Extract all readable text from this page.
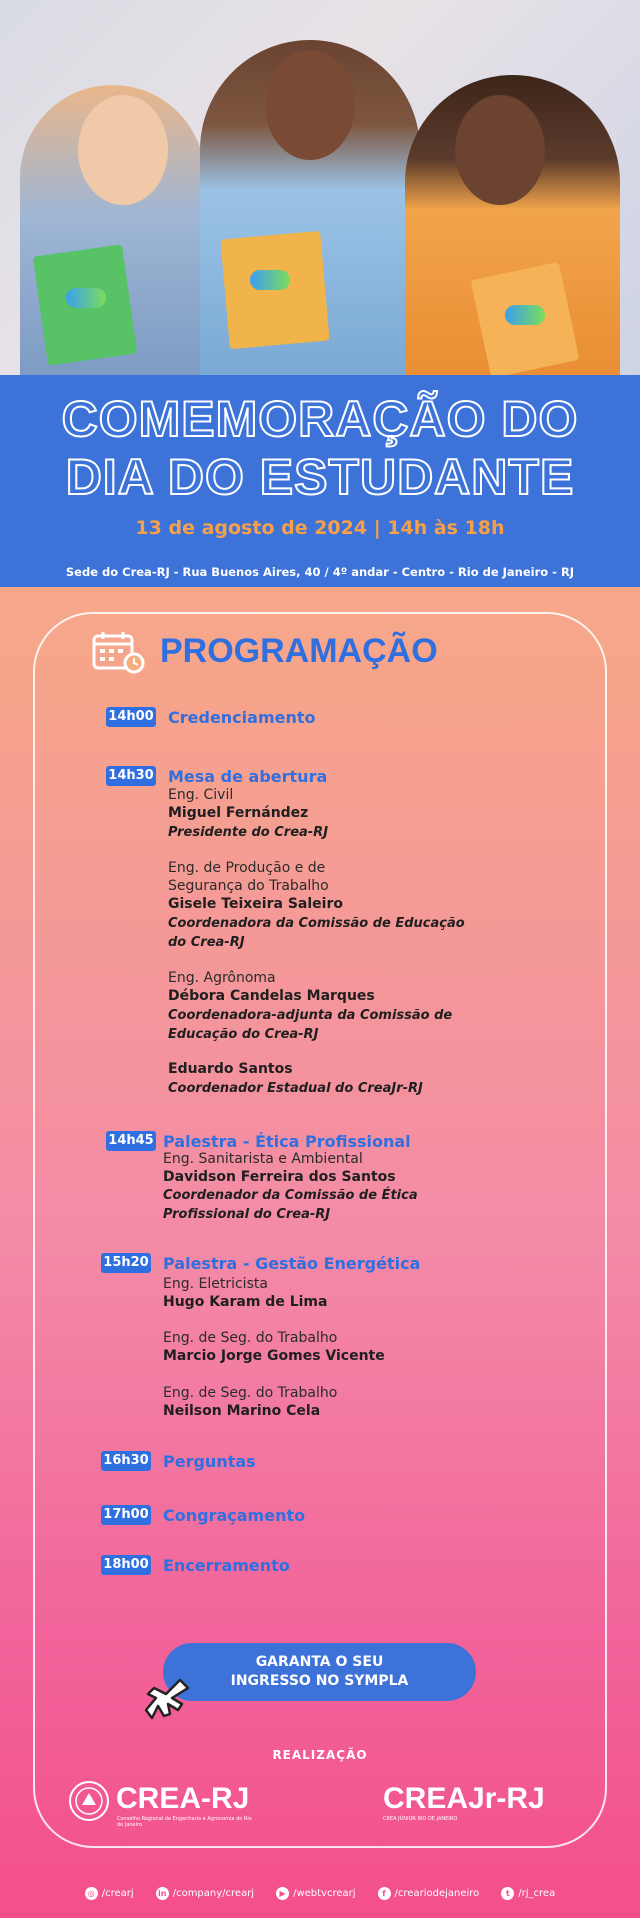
COMEMORAÇÃO DO
DIA DO ESTUDANTE
13 de agosto de 2024 | 14h às 18h
Sede do Crea-RJ - Rua Buenos Aires, 40 / 4º andar - Centro - Rio de Janeiro - RJ
PROGRAMAÇÃO
14h00 Credenciamento
14h30 Mesa de abertura
Eng. Civil
Miguel Fernández
Presidente do Crea-RJ
Eng. de Produção e de
Segurança do Trabalho
Gisele Teixeira Saleiro
Coordenadora da Comissão de Educação
do Crea-RJ
Eng. Agrônoma
Débora Candelas Marques
Coordenadora-adjunta da Comissão de
Educação do Crea-RJ
Eduardo Santos
Coordenador Estadual do CreaJr-RJ
14h45 Palestra - Ética Profissional
Eng. Sanitarista e Ambiental
Davidson Ferreira dos Santos
Coordenador da Comissão de Ética
Profissional do Crea-RJ
15h20 Palestra - Gestão Energética
Eng. Eletricista
Hugo Karam de Lima
Eng. de Seg. do Trabalho
Marcio Jorge Gomes Vicente
Eng. de Seg. do Trabalho
Neilson Marino Cela
16h30 Perguntas
17h00 Congraçamento
18h00 Encerramento
GARANTA O SEU
INGRESSO NO SYMPLA
REALIZAÇÃO
CREA-RJ
Conselho Regional de Engenharia e Agronomia do Rio de Janeiro
CREAJr-RJ
CREA JÚNIOR RIO DE JANEIRO
◎ /crearj	in /company/crearj	▶ /webtvcrearj	f /creariodejaneiro	t /rj_crea
